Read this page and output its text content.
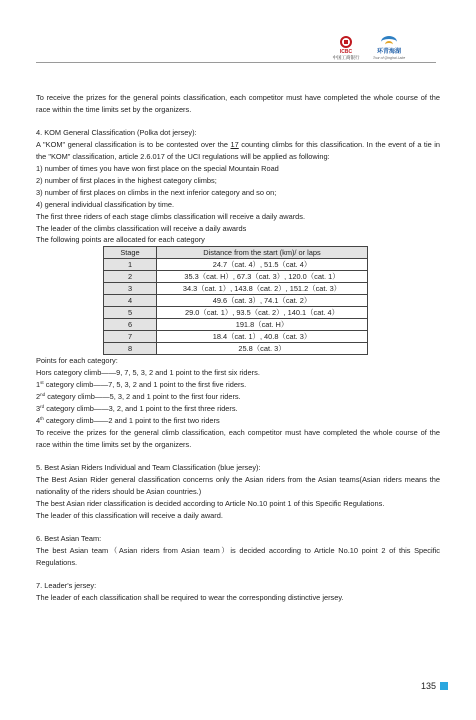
ICBC
中国工商银行
环青海湖
Tour of Qinghai Lake

To receive the prizes for the general points classification, each competitor must have completed the whole course of the race within the time limits set by the organizers.

4. KOM General Classification (Polka dot jersey):

A "KOM" general classification is to be contested over the 17 counting climbs for this classification. In the event of a tie in the "KOM" classification, article 2.6.017 of the UCI regulations will be applied as following:

1) number of times you have won first place on the special Mountain Road

2) number of first places in the highest category climbs;

3) number of first places on climbs in the next inferior category and so on;

4) general individual classification by time.

The first three riders of each stage climbs classification will receive a daily awards.

The leader of the climbs classification will receive a daily awards

The following points are allocated for each category

Stage	Distance from the start (km)/ or laps
1	24.7（cat. 4）, 51.5（cat. 4）
2	35.3（cat. H）, 67.3（cat. 3）, 120.0（cat. 1）
3	34.3（cat. 1）, 143.8（cat. 2）, 151.2（cat. 3）
4	49.6（cat. 3）, 74.1（cat. 2）
5	29.0（cat. 1）, 93.5（cat. 2）, 140.1（cat. 4）
6	191.8（cat. H）
7	18.4（cat. 1）, 40.8（cat. 3）
8	25.8（cat. 3）

Points for each category:

Hors category climb——9, 7, 5, 3, 2 and 1 point to the first six riders.

1st category climb——7, 5, 3, 2 and 1 point to the first five riders.

2nd category climb——5, 3, 2 and 1 point to the first four riders.

3rd category climb——3, 2, and 1 point to the first three riders.

4th category climb——2 and 1 point to the first two riders

To receive the prizes for the general climb classification, each competitor must have completed the whole course of the race within the time limits set by the organizers.

5. Best Asian Riders Individual and Team Classification (blue jersey):

The Best Asian Rider general classification concerns only the Asian riders from the Asian teams(Asian riders means the nationality of the riders should be Asian countries.)

The best Asian rider classification is decided according to Article No.10 point 1 of this Specific Regulations.

The leader of this classification will receive a daily award.

6. Best Asian Team:

The best Asian team（Asian riders from Asian team）is decided according to Article No.10 point 2 of this Specific Regulations.

7. Leader's jersey:

The leader of each classification shall be required to wear the corresponding distinctive jersey.

135
